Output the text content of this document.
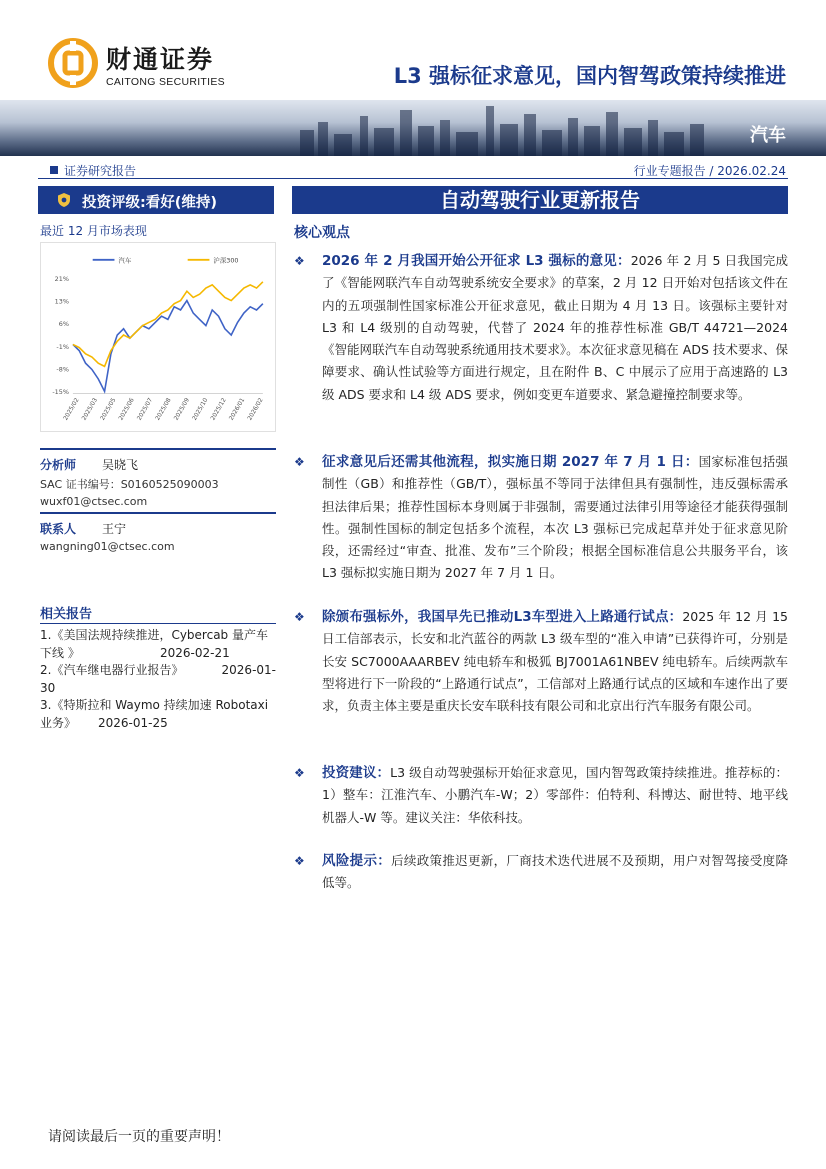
财通证券
CAITONG SECURITIES	L3 强标征求意见，国内智驾政策持续推进
汽车
证券研究报告	行业专题报告 / 2026.02.24
投资评级:看好(维持)
最近 12 月市场表现
21%
13%
6%
-1%
-8%
-15%
2025/02 2025/03 2025/05 2025/06 2025/07 2025/08 2025/09 2025/10 2025/12 2026/01 2026/02
汽车	沪深300
分析师 吴晓飞
SAC 证书编号：S0160525090003
wuxf01@ctsec.com
联系人 王宁
wangning01@ctsec.com
相关报告
1.《美国法规持续推进，Cybercab 量产车
下线 》	2026-02-21
2.《汽车继电器行业报告》	2026-01-
30
3.《特斯拉和 Waymo 持续加速 Robotaxi
业务》	2026-01-25
自动驾驶行业更新报告
核心观点
❖ 2026 年 2 月我国开始公开征求 L3 强标的意见：2026 年 2 月 5 日我国完成了《智能网联汽车自动驾驶系统安全要求》的草案，2 月 12 日开始对包括该文件在内的五项强制性国家标准公开征求意见，截止日期为 4 月 13 日。该强标主要针对 L3 和 L4 级别的自动驾驶，代替了 2024 年的推荐性标准 GB/T 44721—2024《智能网联汽车自动驾驶系统通用技术要求》。本次征求意见稿在 ADS 技术要求、保障要求、确认性试验等方面进行规定，且在附件 B、C 中展示了应用于高速路的 L3 级 ADS 要求和 L4 级 ADS 要求，例如变更车道要求、紧急避撞控制要求等。
❖ 征求意见后还需其他流程，拟实施日期 2027 年 7 月 1 日：国家标准包括强制性（GB）和推荐性（GB/T），强标虽不等同于法律但具有强制性，违反强标需承担法律后果；推荐性国标本身则属于非强制，需要通过法律引用等途径才能获得强制性。强制性国标的制定包括多个流程，本次 L3 强标已完成起草并处于征求意见阶段，还需经过“审查、批准、发布”三个阶段；根据全国标准信息公共服务平台，该 L3 强标拟实施日期为 2027 年 7 月 1 日。
❖ 除颁布强标外，我国早先已推动L3车型进入上路通行试点：2025 年 12 月 15 日工信部表示，长安和北汽蓝谷的两款 L3 级车型的“准入申请”已获得许可，分别是长安 SC7000AAARBEV 纯电轿车和极狐 BJ7001A61NBEV 纯电轿车。后续两款车型将进行下一阶段的“上路通行试点”，工信部对上路通行试点的区域和车速作出了要求，负责主体主要是重庆长安车联科技有限公司和北京出行汽车服务有限公司。
❖ 投资建议：L3 级自动驾驶强标开始征求意见，国内智驾政策持续推进。推荐标的：1）整车：江淮汽车、小鹏汽车-W；2）零部件：伯特利、科博达、耐世特、地平线机器人-W 等。建议关注：华依科技。
❖ 风险提示：后续政策推迟更新，厂商技术迭代进展不及预期，用户对智驾接受度降低等。
请阅读最后一页的重要声明！
